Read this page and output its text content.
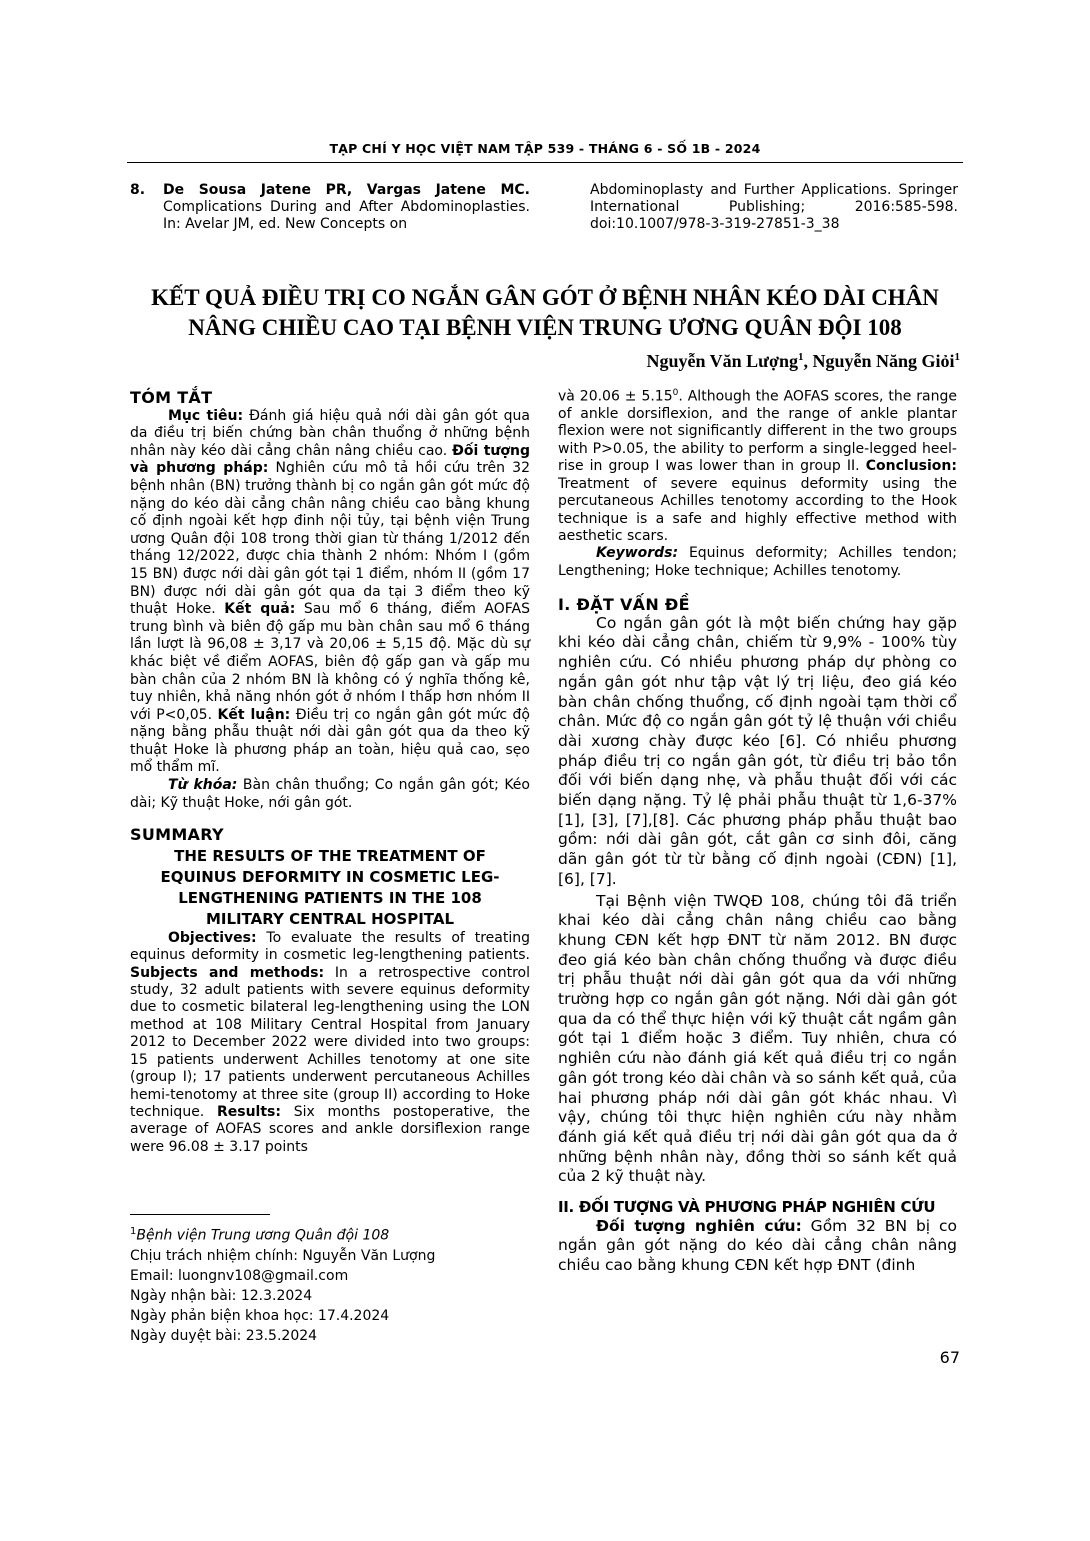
TẠP CHÍ Y HỌC VIỆT NAM TẬP 539 - THÁNG 6 - SỐ 1B - 2024
8.	De Sousa Jatene PR, Vargas Jatene MC. Complications During and After Abdominoplasties. In: Avelar JM, ed. New Concepts on
Abdominoplasty and Further Applications. Springer International Publishing; 2016:585-598. doi:10.1007/978-3-319-27851-3_38
KẾT QUẢ ĐIỀU TRỊ CO NGẮN GÂN GÓT Ở BỆNH NHÂN KÉO DÀI CHÂN
NÂNG CHIỀU CAO TẠI BỆNH VIỆN TRUNG ƯƠNG QUÂN ĐỘI 108
Nguyễn Văn Lượng$^1$, Nguyễn Năng Giỏi$^1$
TÓM TẮT

Mục tiêu: Đánh giá hiệu quả nới dài gân gót qua da điều trị biến chứng bàn chân thuổng ở những bệnh nhân này kéo dài cẳng chân nâng chiều cao. Đối tượng và phương pháp: Nghiên cứu mô tả hồi cứu trên 32 bệnh nhân (BN) trưởng thành bị co ngắn gân gót mức độ nặng do kéo dài cẳng chân nâng chiều cao bằng khung cố định ngoài kết hợp đinh nội tủy, tại bệnh viện Trung ương Quân đội 108 trong thời gian từ tháng 1/2012 đến tháng 12/2022, được chia thành 2 nhóm: Nhóm I (gồm 15 BN) được nới dài gân gót tại 1 điểm, nhóm II (gồm 17 BN) được nới dài gân gót qua da tại 3 điểm theo kỹ thuật Hoke. Kết quả: Sau mổ 6 tháng, điểm AOFAS trung bình và biên độ gấp mu bàn chân sau mổ 6 tháng lần lượt là 96,08 ± 3,17 và 20,06 ± 5,15 độ. Mặc dù sự khác biệt về điểm AOFAS, biên độ gấp gan và gấp mu bàn chân của 2 nhóm BN là không có ý nghĩa thống kê, tuy nhiên, khả năng nhón gót ở nhóm I thấp hơn nhóm II với P<0,05. Kết luận: Điều trị co ngắn gân gót mức độ nặng bằng phẫu thuật nới dài gân gót qua da theo kỹ thuật Hoke là phương pháp an toàn, hiệu quả cao, sẹo mổ thẩm mĩ.

Từ khóa: Bàn chân thuổng; Co ngắn gân gót; Kéo dài; Kỹ thuật Hoke, nới gân gót.

SUMMARY
THE RESULTS OF THE TREATMENT OF EQUINUS DEFORMITY IN COSMETIC LEG-LENGTHENING PATIENTS IN THE 108 MILITARY CENTRAL HOSPITAL

Objectives: To evaluate the results of treating equinus deformity in cosmetic leg-lengthening patients. Subjects and methods: In a retrospective control study, 32 adult patients with severe equinus deformity due to cosmetic bilateral leg-lengthening using the LON method at 108 Military Central Hospital from January 2012 to December 2022 were divided into two groups: 15 patients underwent Achilles tenotomy at one site (group I); 17 patients underwent percutaneous Achilles hemi-tenotomy at three site (group II) according to Hoke technique. Results: Six months postoperative, the average of AOFAS scores and ankle dorsiflexion range were 96.08 ± 3.17 points

$^1$Bệnh viện Trung ương Quân đội 108
Chịu trách nhiệm chính: Nguyễn Văn Lượng
Email: luongnv108@gmail.com
Ngày nhận bài: 12.3.2024
Ngày phản biện khoa học: 17.4.2024
Ngày duyệt bài: 23.5.2024
và $20.06 \pm 5.15^0$. Although the AOFAS scores, the range of ankle dorsiflexion, and the range of ankle plantar flexion were not significantly different in the two groups with P>0.05, the ability to perform a single-legged heel-rise in group I was lower than in group II. Conclusion: Treatment of severe equinus deformity using the percutaneous Achilles tenotomy according to the Hook technique is a safe and highly effective method with aesthetic scars.

Keywords: Equinus deformity; Achilles tendon; Lengthening; Hoke technique; Achilles tenotomy.

I. ĐẶT VẤN ĐỀ

Co ngắn gân gót là một biến chứng hay gặp khi kéo dài cẳng chân, chiếm từ 9,9% - 100% tùy nghiên cứu. Có nhiều phương pháp dự phòng co ngắn gân gót như tập vật lý trị liệu, đeo giá kéo bàn chân chống thuổng, cố định ngoài tạm thời cổ chân. Mức độ co ngắn gân gót tỷ lệ thuận với chiều dài xương chày được kéo [6]. Có nhiều phương pháp điều trị co ngắn gân gót, từ điều trị bảo tồn đối với biến dạng nhẹ, và phẫu thuật đối với các biến dạng nặng. Tỷ lệ phải phẫu thuật từ 1,6-37% [1], [3], [7],[8]. Các phương pháp phẫu thuật bao gồm: nới dài gân gót, cắt gân cơ sinh đôi, căng dãn gân gót từ từ bằng cố định ngoài (CĐN) [1], [6], [7].

Tại Bệnh viện TWQĐ 108, chúng tôi đã triển khai kéo dài cẳng chân nâng chiều cao bằng khung CĐN kết hợp ĐNT từ năm 2012. BN được đeo giá kéo bàn chân chống thuổng và được điều trị phẫu thuật nới dài gân gót qua da với những trường hợp co ngắn gân gót nặng. Nới dài gân gót qua da có thể thực hiện với kỹ thuật cắt ngầm gân gót tại 1 điểm hoặc 3 điểm. Tuy nhiên, chưa có nghiên cứu nào đánh giá kết quả điều trị co ngắn gân gót trong kéo dài chân và so sánh kết quả, của hai phương pháp nới dài gân gót khác nhau. Vì vậy, chúng tôi thực hiện nghiên cứu này nhằm đánh giá kết quả điều trị nới dài gân gót qua da ở những bệnh nhân này, đồng thời so sánh kết quả của 2 kỹ thuật này.

II. ĐỐI TƯỢNG VÀ PHƯƠNG PHÁP NGHIÊN CỨU

Đối tượng nghiên cứu: Gồm 32 BN bị co ngắn gân gót nặng do kéo dài cẳng chân nâng chiều cao bằng khung CĐN kết hợp ĐNT (đinh

67
